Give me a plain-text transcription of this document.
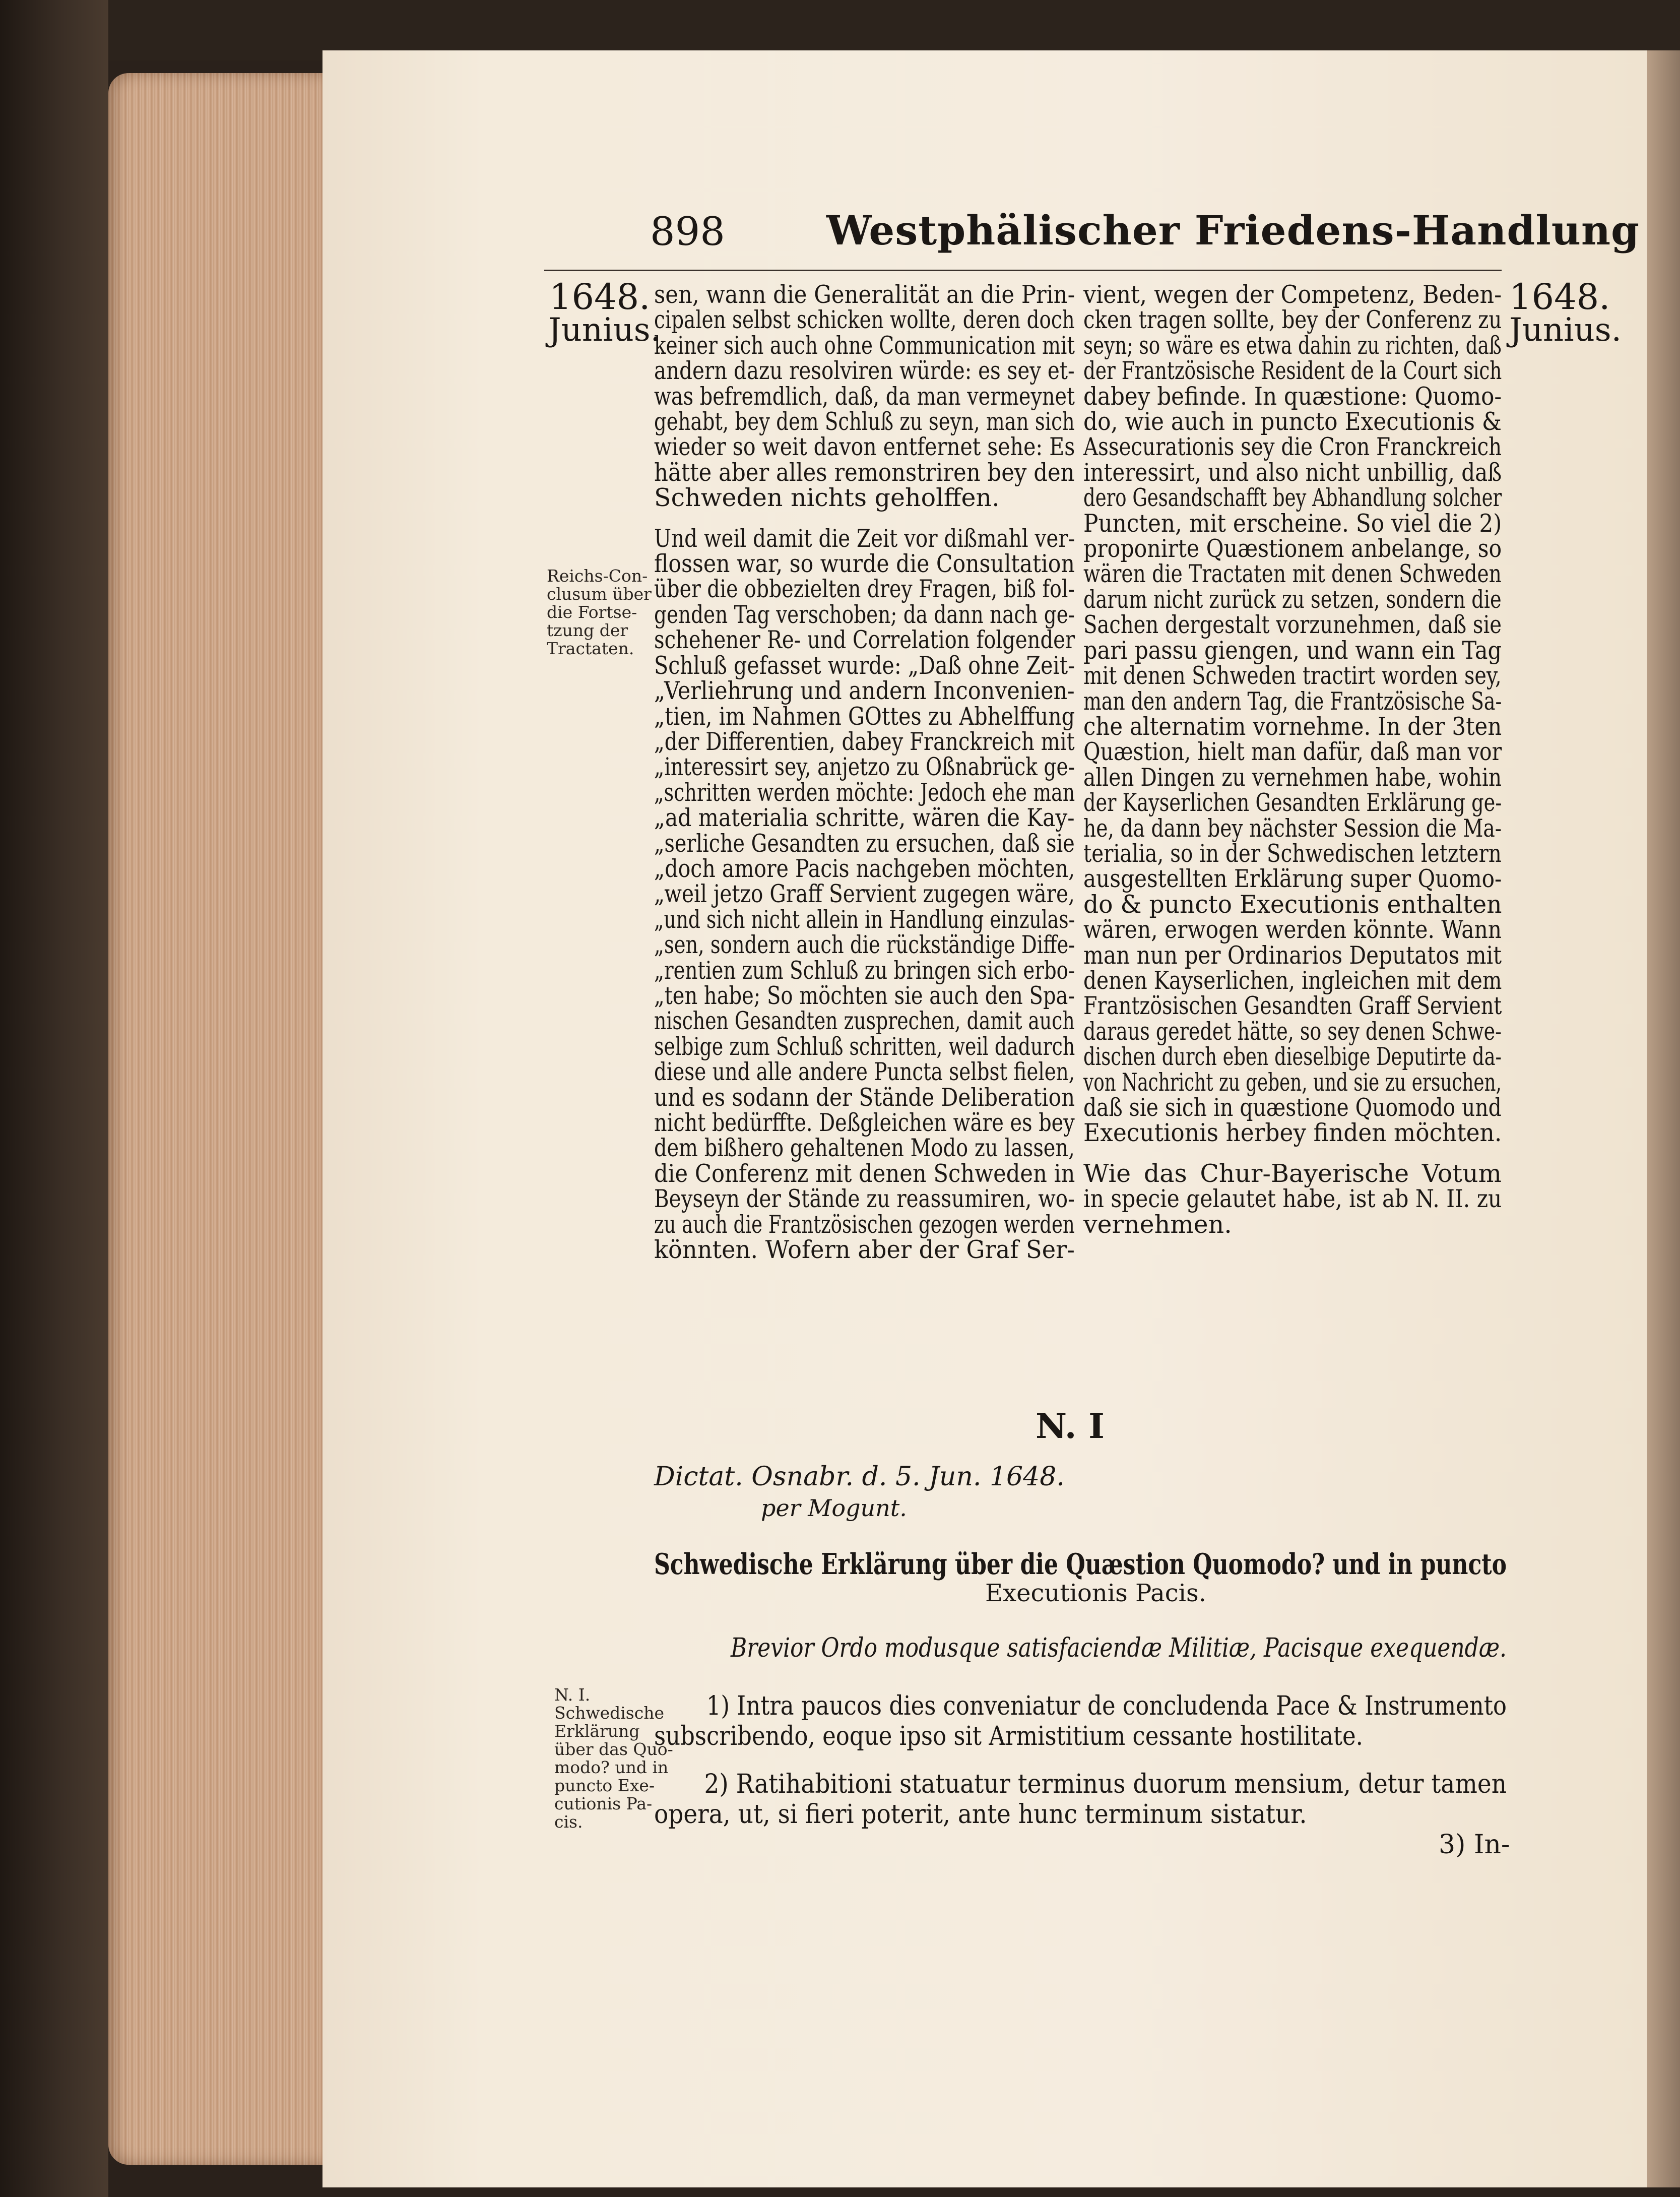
898	Westphälischer Friedens-Handlung
1648.
Junius.
1648.
Junius.
Reichs-Con-
clusum über
die Fortse-
tzung der
Tractaten.
sen, wann die Generalität an die Prin-
cipalen selbst schicken wollte, deren doch
keiner sich auch ohne Communication mit
andern dazu resolviren würde: es sey et-
was befremdlich, daß, da man vermeynet
gehabt, bey dem Schluß zu seyn, man sich
wieder so weit davon entfernet sehe: Es
hätte aber alles remonstriren bey den
Schweden nichts geholffen.
Und weil damit die Zeit vor dißmahl ver-
flossen war, so wurde die Consultation
über die obbezielten drey Fragen, biß fol-
genden Tag verschoben; da dann nach ge-
schehener Re- und Correlation folgender
Schluß gefasset wurde: „Daß ohne Zeit-
„Verliehrung und andern Inconvenien-
„tien, im Nahmen GOttes zu Abhelffung
„der Differentien, dabey Franckreich mit
„interessirt sey, anjetzo zu Oßnabrück ge-
„schritten werden möchte: Jedoch ehe man
„ad materialia schritte, wären die Kay-
„serliche Gesandten zu ersuchen, daß sie
„doch amore Pacis nachgeben möchten,
„weil jetzo Graff Servient zugegen wäre,
„und sich nicht allein in Handlung einzulas-
„sen, sondern auch die rückständige Diffe-
„rentien zum Schluß zu bringen sich erbo-
„ten habe; So möchten sie auch den Spa-
nischen Gesandten zusprechen, damit auch
selbige zum Schluß schritten, weil dadurch
diese und alle andere Puncta selbst fielen,
und es sodann der Stände Deliberation
nicht bedürffte. Deßgleichen wäre es bey
dem bißhero gehaltenen Modo zu lassen,
die Conferenz mit denen Schweden in
Beyseyn der Stände zu reassumiren, wo-
zu auch die Frantzösischen gezogen werden
könnten. Wofern aber der Graf Ser-
vient, wegen der Competenz, Beden-
cken tragen sollte, bey der Conferenz zu
seyn; so wäre es etwa dahin zu richten, daß
der Frantzösische Resident de la Court sich
dabey befinde. In quæstione: Quomo-
do, wie auch in puncto Executionis &
Assecurationis sey die Cron Franckreich
interessirt, und also nicht unbillig, daß
dero Gesandschafft bey Abhandlung solcher
Puncten, mit erscheine. So viel die 2)
proponirte Quæstionem anbelange, so
wären die Tractaten mit denen Schweden
darum nicht zurück zu setzen, sondern die
Sachen dergestalt vorzunehmen, daß sie
pari passu giengen, und wann ein Tag
mit denen Schweden tractirt worden sey,
man den andern Tag, die Frantzösische Sa-
che alternatim vornehme. In der 3ten
Quæstion, hielt man dafür, daß man vor
allen Dingen zu vernehmen habe, wohin
der Kayserlichen Gesandten Erklärung ge-
he, da dann bey nächster Session die Ma-
terialia, so in der Schwedischen letztern
ausgestellten Erklärung super Quomo-
do & puncto Executionis enthalten
wären, erwogen werden könnte. Wann
man nun per Ordinarios Deputatos mit
denen Kayserlichen, ingleichen mit dem
Frantzösischen Gesandten Graff Servient
daraus geredet hätte, so sey denen Schwe-
dischen durch eben dieselbige Deputirte da-
von Nachricht zu geben, und sie zu ersuchen,
daß sie sich in quæstione Quomodo und
Executionis herbey finden möchten.
Wie das Chur-Bayerische Votum
in specie gelautet habe, ist ab N. II. zu
vernehmen.
N. I
Dictat. Osnabr. d. 5. Jun. 1648.
per Mogunt.
Schwedische Erklärung über die Quæstion Quomodo? und in puncto
Executionis Pacis.
Brevior Ordo modusque satisfaciendæ Militiæ, Pacisque exequendæ.
N. I.
Schwedische
Erklärung
über das Quo-
modo? und in
puncto Exe-
cutionis Pa-
cis.
1) Intra paucos dies conveniatur de concludenda Pace & Instrumento
subscribendo, eoque ipso sit Armistitium cessante hostilitate.
2) Ratihabitioni statuatur terminus duorum mensium, detur tamen
opera, ut, si fieri poterit, ante hunc terminum sistatur.
3) In-
